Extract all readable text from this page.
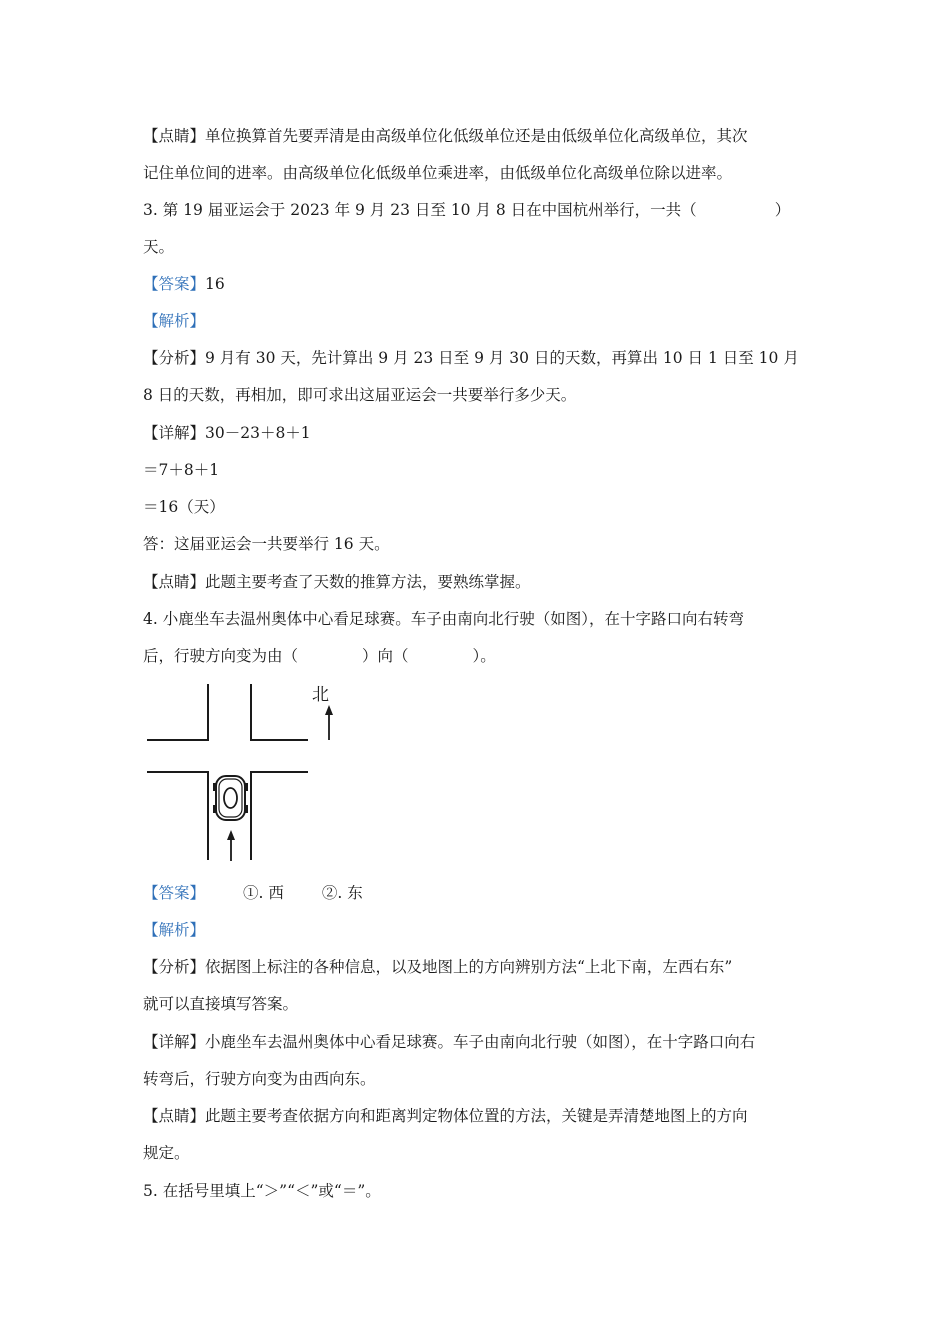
【点睛】单位换算首先要弄清是由高级单位化低级单位还是由低级单位化高级单位，其次
记住单位间的进率。由高级单位化低级单位乘进率，由低级单位化高级单位除以进率。
3. 第 19 届亚运会于 2023 年 9 月 23 日至 10 月 8 日在中国杭州举行，一共（	）
天。
【答案】16
【解析】
【分析】9 月有 30 天，先计算出 9 月 23 日至 9 月 30 日的天数，再算出 10 日 1 日至 10 月
8 日的天数，再相加，即可求出这届亚运会一共要举行多少天。
【详解】30－23＋8＋1
＝7＋8＋1
＝16（天）
答：这届亚运会一共要举行 16 天。
【点睛】此题主要考查了天数的推算方法，要熟练掌握。
4. 小鹿坐车去温州奥体中心看足球赛。车子由南向北行驶（如图），在十字路口向右转弯
后，行驶方向变为由（	）向（	）。
北
【答案】 ①. 西 ②. 东
【解析】
【分析】依据图上标注的各种信息，以及地图上的方向辨别方法“上北下南，左西右东”
就可以直接填写答案。
【详解】小鹿坐车去温州奥体中心看足球赛。车子由南向北行驶（如图），在十字路口向右
转弯后，行驶方向变为由西向东。
【点睛】此题主要考查依据方向和距离判定物体位置的方法，关键是弄清楚地图上的方向
规定。
5. 在括号里填上“＞”“＜”或“＝”。
